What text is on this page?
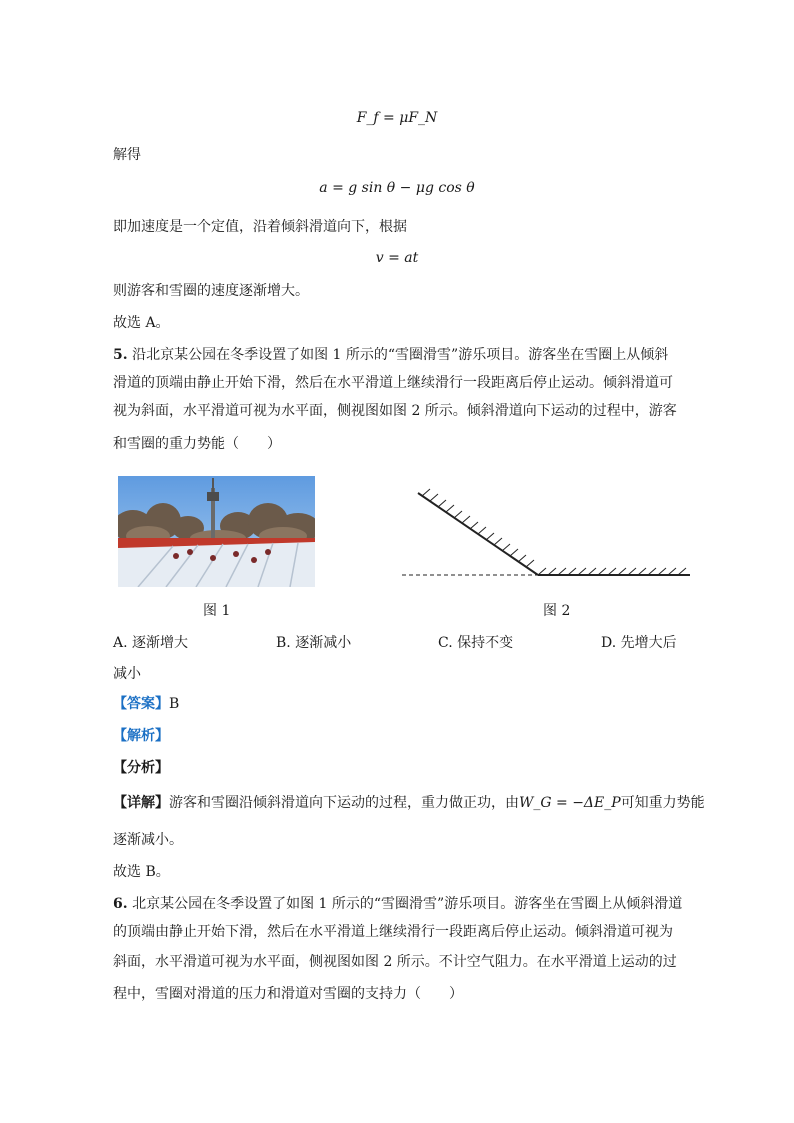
F_f = μF_N
解得
a = g sin θ − μg cos θ
即加速度是一个定值，沿着倾斜滑道向下，根据
v = at
则游客和雪圈的速度逐渐增大。
故选 A。
5. 沿北京某公园在冬季设置了如图 1 所示的“雪圈滑雪”游乐项目。游客坐在雪圈上从倾斜
滑道的顶端由静止开始下滑，然后在水平滑道上继续滑行一段距离后停止运动。倾斜滑道可
视为斜面，水平滑道可视为水平面，侧视图如图 2 所示。倾斜滑道向下运动的过程中，游客
和雪圈的重力势能（　　）
图 1	图 2
A. 逐渐增大	B. 逐渐减小	C. 保持不变	D. 先增大后
减小
【答案】B
【解析】
【分析】
【详解】游客和雪圈沿倾斜滑道向下运动的过程，重力做正功，由W_G = −ΔE_P可知重力势能
逐渐减小。
故选 B。
6. 北京某公园在冬季设置了如图 1 所示的“雪圈滑雪”游乐项目。游客坐在雪圈上从倾斜滑道
的顶端由静止开始下滑，然后在水平滑道上继续滑行一段距离后停止运动。倾斜滑道可视为
斜面，水平滑道可视为水平面，侧视图如图 2 所示。不计空气阻力。在水平滑道上运动的过
程中，雪圈对滑道的压力和滑道对雪圈的支持力（　　）
